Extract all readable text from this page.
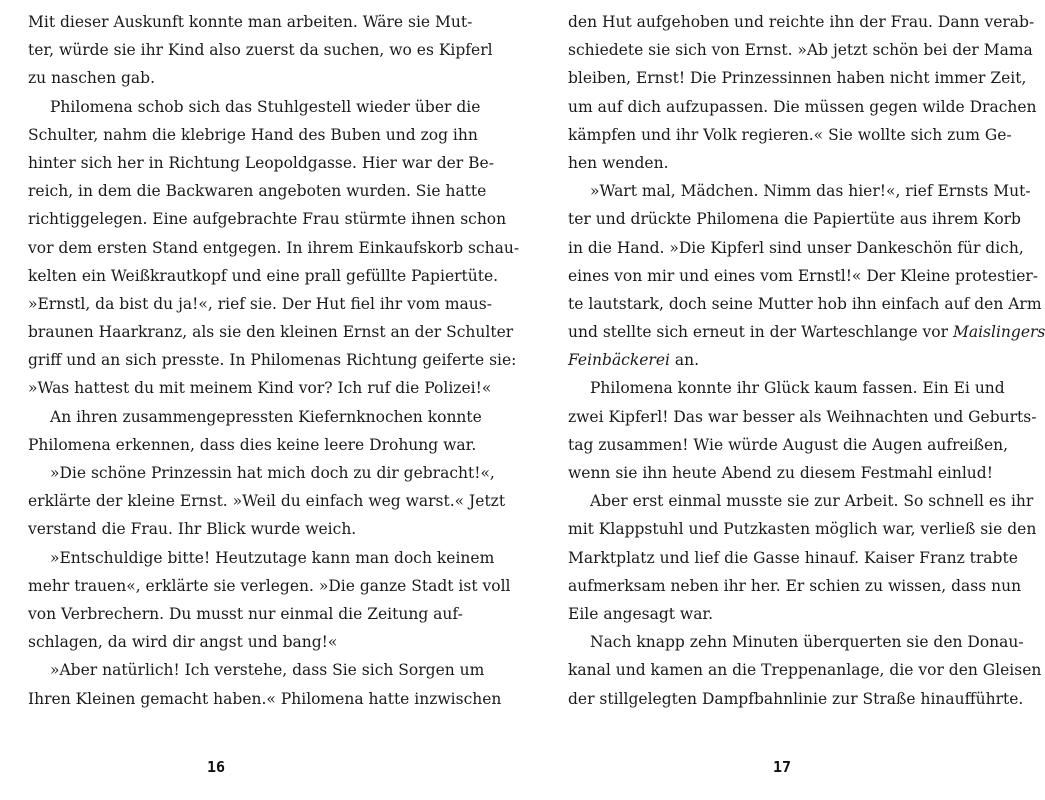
Mit dieser Auskunft konnte man arbeiten. Wäre sie Mut-
ter, würde sie ihr Kind also zuerst da suchen, wo es Kipferl
zu naschen gab.
Philomena schob sich das Stuhlgestell wieder über die
Schulter, nahm die klebrige Hand des Buben und zog ihn
hinter sich her in Richtung Leopoldgasse. Hier war der Be-
reich, in dem die Backwaren angeboten wurden. Sie hatte
richtiggelegen. Eine aufgebrachte Frau stürmte ihnen schon
vor dem ersten Stand entgegen. In ihrem Einkaufskorb schau-
kelten ein Weißkrautkopf und eine prall gefüllte Papiertüte.
»Ernstl, da bist du ja!«, rief sie. Der Hut fiel ihr vom maus-
braunen Haarkranz, als sie den kleinen Ernst an der Schulter
griff und an sich presste. In Philomenas Richtung geiferte sie:
»Was hattest du mit meinem Kind vor? Ich ruf die Polizei!«
An ihren zusammengepressten Kiefernknochen konnte
Philomena erkennen, dass dies keine leere Drohung war.
»Die schöne Prinzessin hat mich doch zu dir gebracht!«,
erklärte der kleine Ernst. »Weil du einfach weg warst.« Jetzt
verstand die Frau. Ihr Blick wurde weich.
»Entschuldige bitte! Heutzutage kann man doch keinem
mehr trauen«, erklärte sie verlegen. »Die ganze Stadt ist voll
von Verbrechern. Du musst nur einmal die Zeitung auf-
schlagen, da wird dir angst und bang!«
»Aber natürlich! Ich verstehe, dass Sie sich Sorgen um
Ihren Kleinen gemacht haben.« Philomena hatte inzwischen
16
den Hut aufgehoben und reichte ihn der Frau. Dann verab-
schiedete sie sich von Ernst. »Ab jetzt schön bei der Mama
bleiben, Ernst! Die Prinzessinnen haben nicht immer Zeit,
um auf dich aufzupassen. Die müssen gegen wilde Drachen
kämpfen und ihr Volk regieren.« Sie wollte sich zum Ge-
hen wenden.
»Wart mal, Mädchen. Nimm das hier!«, rief Ernsts Mut-
ter und drückte Philomena die Papiertüte aus ihrem Korb
in die Hand. »Die Kipferl sind unser Dankeschön für dich,
eines von mir und eines vom Ernstl!« Der Kleine protestier-
te lautstark, doch seine Mutter hob ihn einfach auf den Arm
und stellte sich erneut in der Warteschlange vor Maislingers
Feinbäckerei an.
Philomena konnte ihr Glück kaum fassen. Ein Ei und
zwei Kipferl! Das war besser als Weihnachten und Geburts-
tag zusammen! Wie würde August die Augen aufreißen,
wenn sie ihn heute Abend zu diesem Festmahl einlud!
Aber erst einmal musste sie zur Arbeit. So schnell es ihr
mit Klappstuhl und Putzkasten möglich war, verließ sie den
Marktplatz und lief die Gasse hinauf. Kaiser Franz trabte
aufmerksam neben ihr her. Er schien zu wissen, dass nun
Eile angesagt war.
Nach knapp zehn Minuten überquerten sie den Donau-
kanal und kamen an die Treppenanlage, die vor den Gleisen
der stillgelegten Dampfbahnlinie zur Straße hinaufführte.
17
